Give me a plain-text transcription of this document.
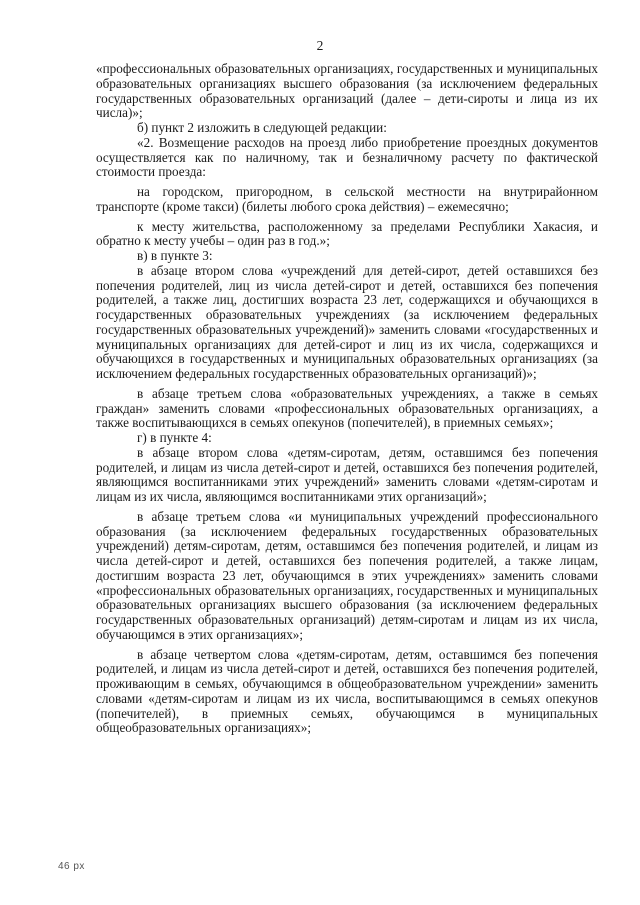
2

«профессиональных образовательных организациях, государственных и муниципальных образовательных организациях высшего образования (за исключением федеральных государственных образовательных организаций (далее – дети-сироты и лица из их числа)»;

б) пункт 2 изложить в следующей редакции:

«2. Возмещение расходов на проезд либо приобретение проездных документов осуществляется как по наличному, так и безналичному расчету по фактической стоимости проезда:

на городском, пригородном, в сельской местности на внутрирайонном транспорте (кроме такси) (билеты любого срока действия) – ежемесячно;

к месту жительства, расположенному за пределами Республики Хакасия, и обратно к месту учебы – один раз в год.»;

в) в пункте 3:

в абзаце втором слова «учреждений для детей-сирот, детей оставшихся без попечения родителей, лиц из числа детей-сирот и детей, оставшихся без попечения родителей, а также лиц, достигших возраста 23 лет, содержащихся и обучающихся в государственных образовательных учреждениях (за исключением федеральных государственных образовательных учреждений)» заменить словами «государственных и муниципальных организациях для детей-сирот и лиц из их числа, содержащихся и обучающихся в государственных и муниципальных образовательных организациях (за исключением федеральных государственных образовательных организаций)»;

в абзаце третьем слова «образовательных учреждениях, а также в семьях граждан» заменить словами «профессиональных образовательных организациях, а также воспитывающихся в семьях опекунов (попечителей), в приемных семьях»;

г) в пункте 4:

в абзаце втором слова «детям-сиротам, детям, оставшимся без попечения родителей, и лицам из числа детей-сирот и детей, оставшихся без попечения родителей, являющимся воспитанниками этих учреждений» заменить словами «детям-сиротам и лицам из их числа, являющимся воспитанниками этих организаций»;

в абзаце третьем слова «и муниципальных учреждений профессионального образования (за исключением федеральных государственных образовательных учреждений) детям-сиротам, детям, оставшимся без попечения родителей, и лицам из числа детей-сирот и детей, оставшихся без попечения родителей, а также лицам, достигшим возраста 23 лет, обучающимся в этих учреждениях» заменить словами «профессиональных образовательных организациях, государственных и муниципальных образовательных организациях высшего образования (за исключением федеральных государственных образовательных организаций) детям-сиротам и лицам из их числа, обучающимся в этих организациях»;

в абзаце четвертом слова «детям-сиротам, детям, оставшимся без попечения родителей, и лицам из числа детей-сирот и детей, оставшихся без попечения родителей, проживающим в семьях, обучающимся в общеобразовательном учреждении» заменить словами «детям-сиротам и лицам из их числа, воспитывающимся в семьях опекунов (попечителей), в приемных семьях, обучающимся в муниципальных общеобразовательных организациях»;

46 рх
